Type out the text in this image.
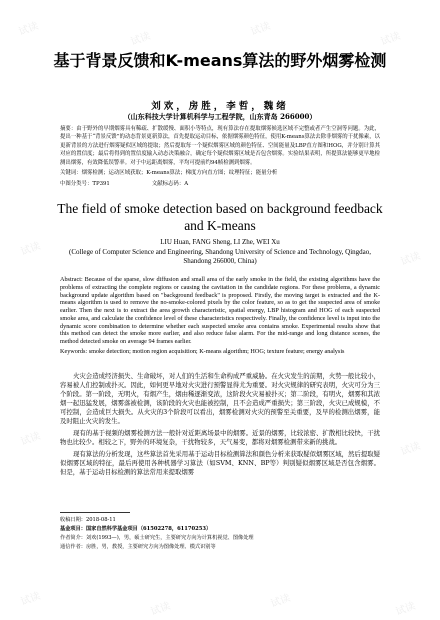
试读
试读
试读
试读
试读
试读
试读
试读
试读
试读	试读	试读
基于背景反馈和K-means算法的野外烟雾检测
刘欢，房胜，李哲，魏绪
（山东科技大学计算机科学与工程学院，山东青岛 266000）
摘要：由于野外的早期烟雾具有稀疏、扩散缓慢、面积小等特点，现有算法存在提取烟雾候选区域不完整或者产生空洞等问题。为此，提出一种基于“背景反馈”的动态背景更新算法，首先提取运动目标，依据烟雾颜色特征，使用K-means算法去除非烟雾的干扰像素，以更新背景的方法进行烟雾疑似区域的提取；然后提取每一个疑似烟雾区域的颜色特征、空间能量及LBP直方图和HOG，并分别计算其对应的置信度；最后将得到的置信度输入动态决策融合，确定每个疑似烟雾区域是否包含烟雾。实验结果表明，所提算法能够更早地检测出烟雾，有效降低误警率。对于中远距离烟雾，平均可提前约94帧检测到烟雾。
关键词：烟雾检测；运动区域获取；K-means算法；梯度方向直方图；纹理特征；能量分析
中图分类号：TP391	文献标志码：A
The field of smoke detection based on background feedback and K-means
LIU Huan, FANG Sheng, LI Zhe, WEI Xu
(College of Computer Science and Engineering, Shandong University of Science and Technology, Qingdao, Shandong 266000, China)
Abstract: Because of the sparse, slow diffusion and small area of the early smoke in the field, the existing algorithms have the problems of extracting the complete regions or causing the cavitation in the candidate regions. For these problems, a dynamic background update algorithm based on "background feedback" is proposed. Firstly, the moving target is extracted and the K-means algorithm is used to remove the no-smoke-colored pixels by the color feature, so as to get the suspected area of smoke earlier. Then the next is to extract the area growth characteristic, spatial energy, LBP histogram and HOG of each suspected smoke area, and calculate the confidence level of these characteristics respectively. Finally, the confidence level is input into the dynamic score combination to determine whether each suspected smoke area contains smoke. Experimental results show that this method can detect the smoke more earlier, and also reduce false alarm. For the mid-range and long distance scenes, the method detected smoke on average 94 frames earlier.
Keywords: smoke detection; motion region acquisition; K-means algorithm; HOG; texture feature; energy analysis

火灾会造成经济损失、生命破坏，对人们的生活和生命构成严重威胁。在火灾发生的前期，火势一般比较小，容易被人们控制或扑灭。因此，如何更早地对火灾进行预警显得尤为重要。对火灾规律的研究表明，火灾可分为三个阶段。第一阶段，无明火，有烟产生，烟由稀逐渐变浓，这阶段火灾易被扑灭；第二阶段，有明火，烟雾和其浓烟一起迅猛发展，烟雾落被检测，该阶段的火灾也能被控制，且不会造成严重损失；第三阶段，火灾已成规模，不可控制，会造成巨大损失。从火灾的3个阶段可以看出，烟雾检测对火灾的预警至关重要，及早的检测出烟雾，能及时阻止火灾的发生。

现有的基于视频的烟雾检测方法一般针对近距离场景中的烟雾。近景的烟雾，比较浓密、扩散相比较快，干扰物也比较少。相较之下，野外的环境复杂，干扰物较多，天气易变，都将对烟雾检测带来新的挑战。

现有算法的分析发现，这些算法首先采用基于运动目标检测算法和颜色分析来获取疑似烟雾区域，然后提取疑似烟雾区域的特征，最后再使用各种机器学习算法（如SVM、KNN、BP等）判别疑似烟雾区域是否包含烟雾。但是，基于运动目标检测的算法常用来提取烟雾

收稿日期：2018-08-11
基金项目：国家自然科学基金项目（61502278，61170253）
作者简介：刘欢(1993—)，男，硕士研究生，主要研究方向为计算机视觉、图像处理
通信作者：房胜，男，教授，主要研究方向为图像处理、模式识别等
